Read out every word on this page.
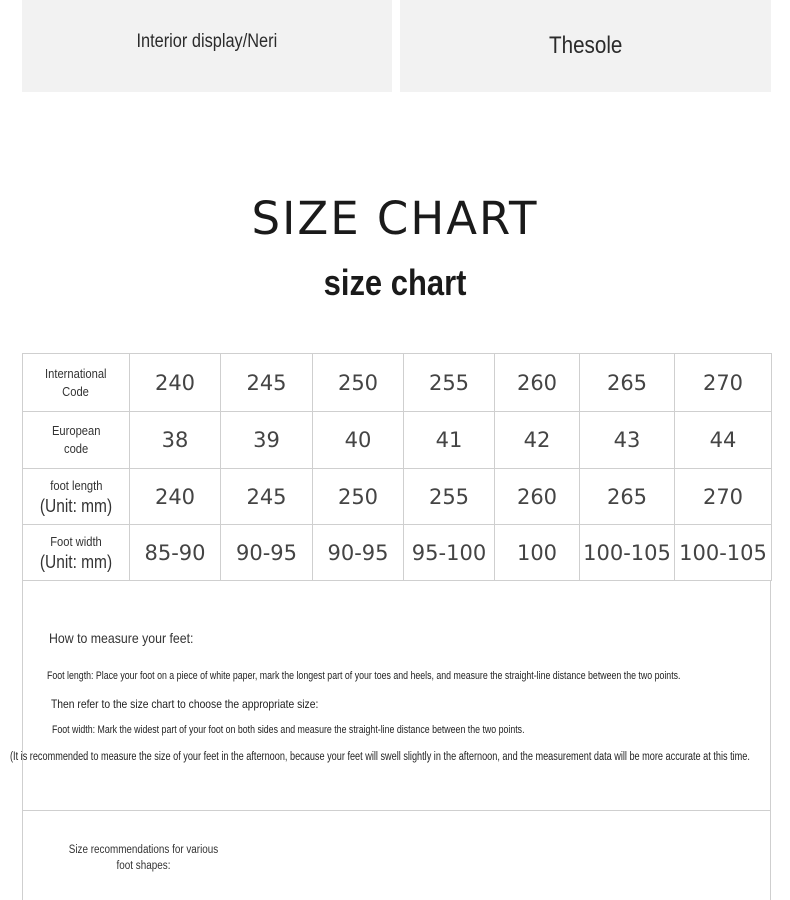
Interior display/Neri	Thesole
SIZE CHART
size chart
International
Code	240	245	250	255	260	265	270
European
code	38	39	40	41	42	43	44
foot length
(Unit: mm)	240	245	250	255	260	265	270
Foot width
(Unit: mm)	85-90	90-95	90-95	95-100	100	100-105	100-105
How to measure your feet:
Foot length: Place your foot on a piece of white paper, mark the longest part of your toes and heels, and measure the straight-line distance between the two points.
Then refer to the size chart to choose the appropriate size:
Foot width: Mark the widest part of your foot on both sides and measure the straight-line distance between the two points.
(It is recommended to measure the size of your feet in the afternoon, because your feet will swell slightly in the afternoon, and the measurement data will be more accurate at this time.
Size recommendations for various foot shapes:
